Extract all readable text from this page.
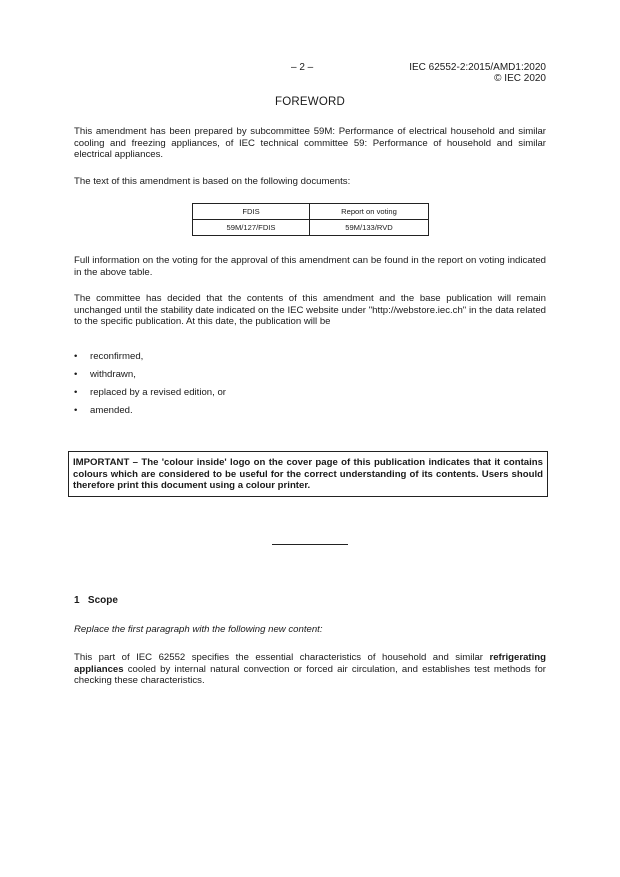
– 2 –	IEC 62552-2:2015/AMD1:2020
© IEC 2020
FOREWORD
This amendment has been prepared by subcommittee 59M: Performance of electrical household and similar cooling and freezing appliances, of IEC technical committee 59: Performance of household and similar electrical appliances.
The text of this amendment is based on the following documents:
FDIS	Report on voting
59M/127/FDIS	59M/133/RVD
Full information on the voting for the approval of this amendment can be found in the report on voting indicated in the above table.
The committee has decided that the contents of this amendment and the base publication will remain unchanged until the stability date indicated on the IEC website under "http://webstore.iec.ch" in the data related to the specific publication. At this date, the publication will be
• reconfirmed,
• withdrawn,
• replaced by a revised edition, or
• amended.
IMPORTANT – The 'colour inside' logo on the cover page of this publication indicates that it contains colours which are considered to be useful for the correct understanding of its contents. Users should therefore print this document using a colour printer.
1   Scope
Replace the first paragraph with the following new content:
This part of IEC 62552 specifies the essential characteristics of household and similar refrigerating appliances cooled by internal natural convection or forced air circulation, and establishes test methods for checking these characteristics.
